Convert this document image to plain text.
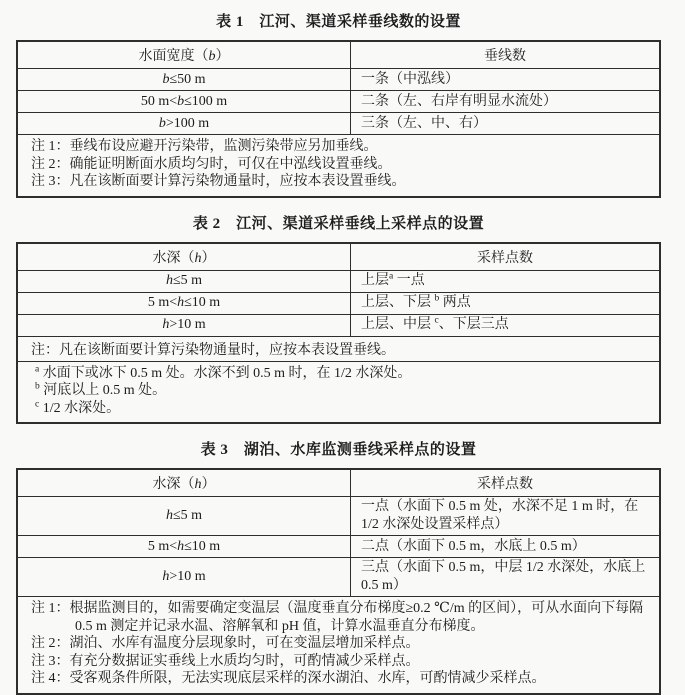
表 1　江河、渠道采样垂线数的设置
水面宽度（b）	垂线数
b≤50 m	一条（中泓线）
50 m<b≤100 m	二条（左、右岸有明显水流处）
b>100 m	三条（左、中、右）

注 1：垂线布设应避开污染带，监测污染带应另加垂线。
注 2：确能证明断面水质均匀时，可仅在中泓线设置垂线。
注 3：凡在该断面要计算污染物通量时，应按本表设置垂线。	
表 2　江河、渠道采样垂线上采样点的设置
水深（h）	采样点数
h≤5 m	上层$^a$ 一点
5 m<h≤10 m	上层、下层 $^b$ 两点
h>10 m	上层、中层 $^c$、下层三点
注：凡在该断面要计算污染物通量时，应按本表设置垂线。	

$^a$ 水面下或冰下 0.5 m 处。水深不到 0.5 m 时，在 1/2 水深处。
$^b$ 河底以上 0.5 m 处。
$^c$ 1/2 水深处。	
表 3　湖泊、水库监测垂线采样点的设置
水深（h）	采样点数
h≤5 m	一点（水面下 0.5 m 处，水深不足 1 m 时，在 1/2 水深处设置采样点）
5 m<h≤10 m	二点（水面下 0.5 m，水底上 0.5 m）
h>10 m	三点（水面下 0.5 m，中层 1/2 水深处，水底上 0.5 m）

注 1：根据监测目的，如需要确定变温层（温度垂直分布梯度≥0.2 ℃/m 的区间），可从水面向下每隔 0.5 m 测定并记录水温、溶解氧和 pH 值，计算水温垂直分布梯度。
注 2：湖泊、水库有温度分层现象时，可在变温层增加采样点。
注 3：有充分数据证实垂线上水质均匀时，可酌情减少采样点。
注 4：受客观条件所限，无法实现底层采样的深水湖泊、水库，可酌情减少采样点。	
